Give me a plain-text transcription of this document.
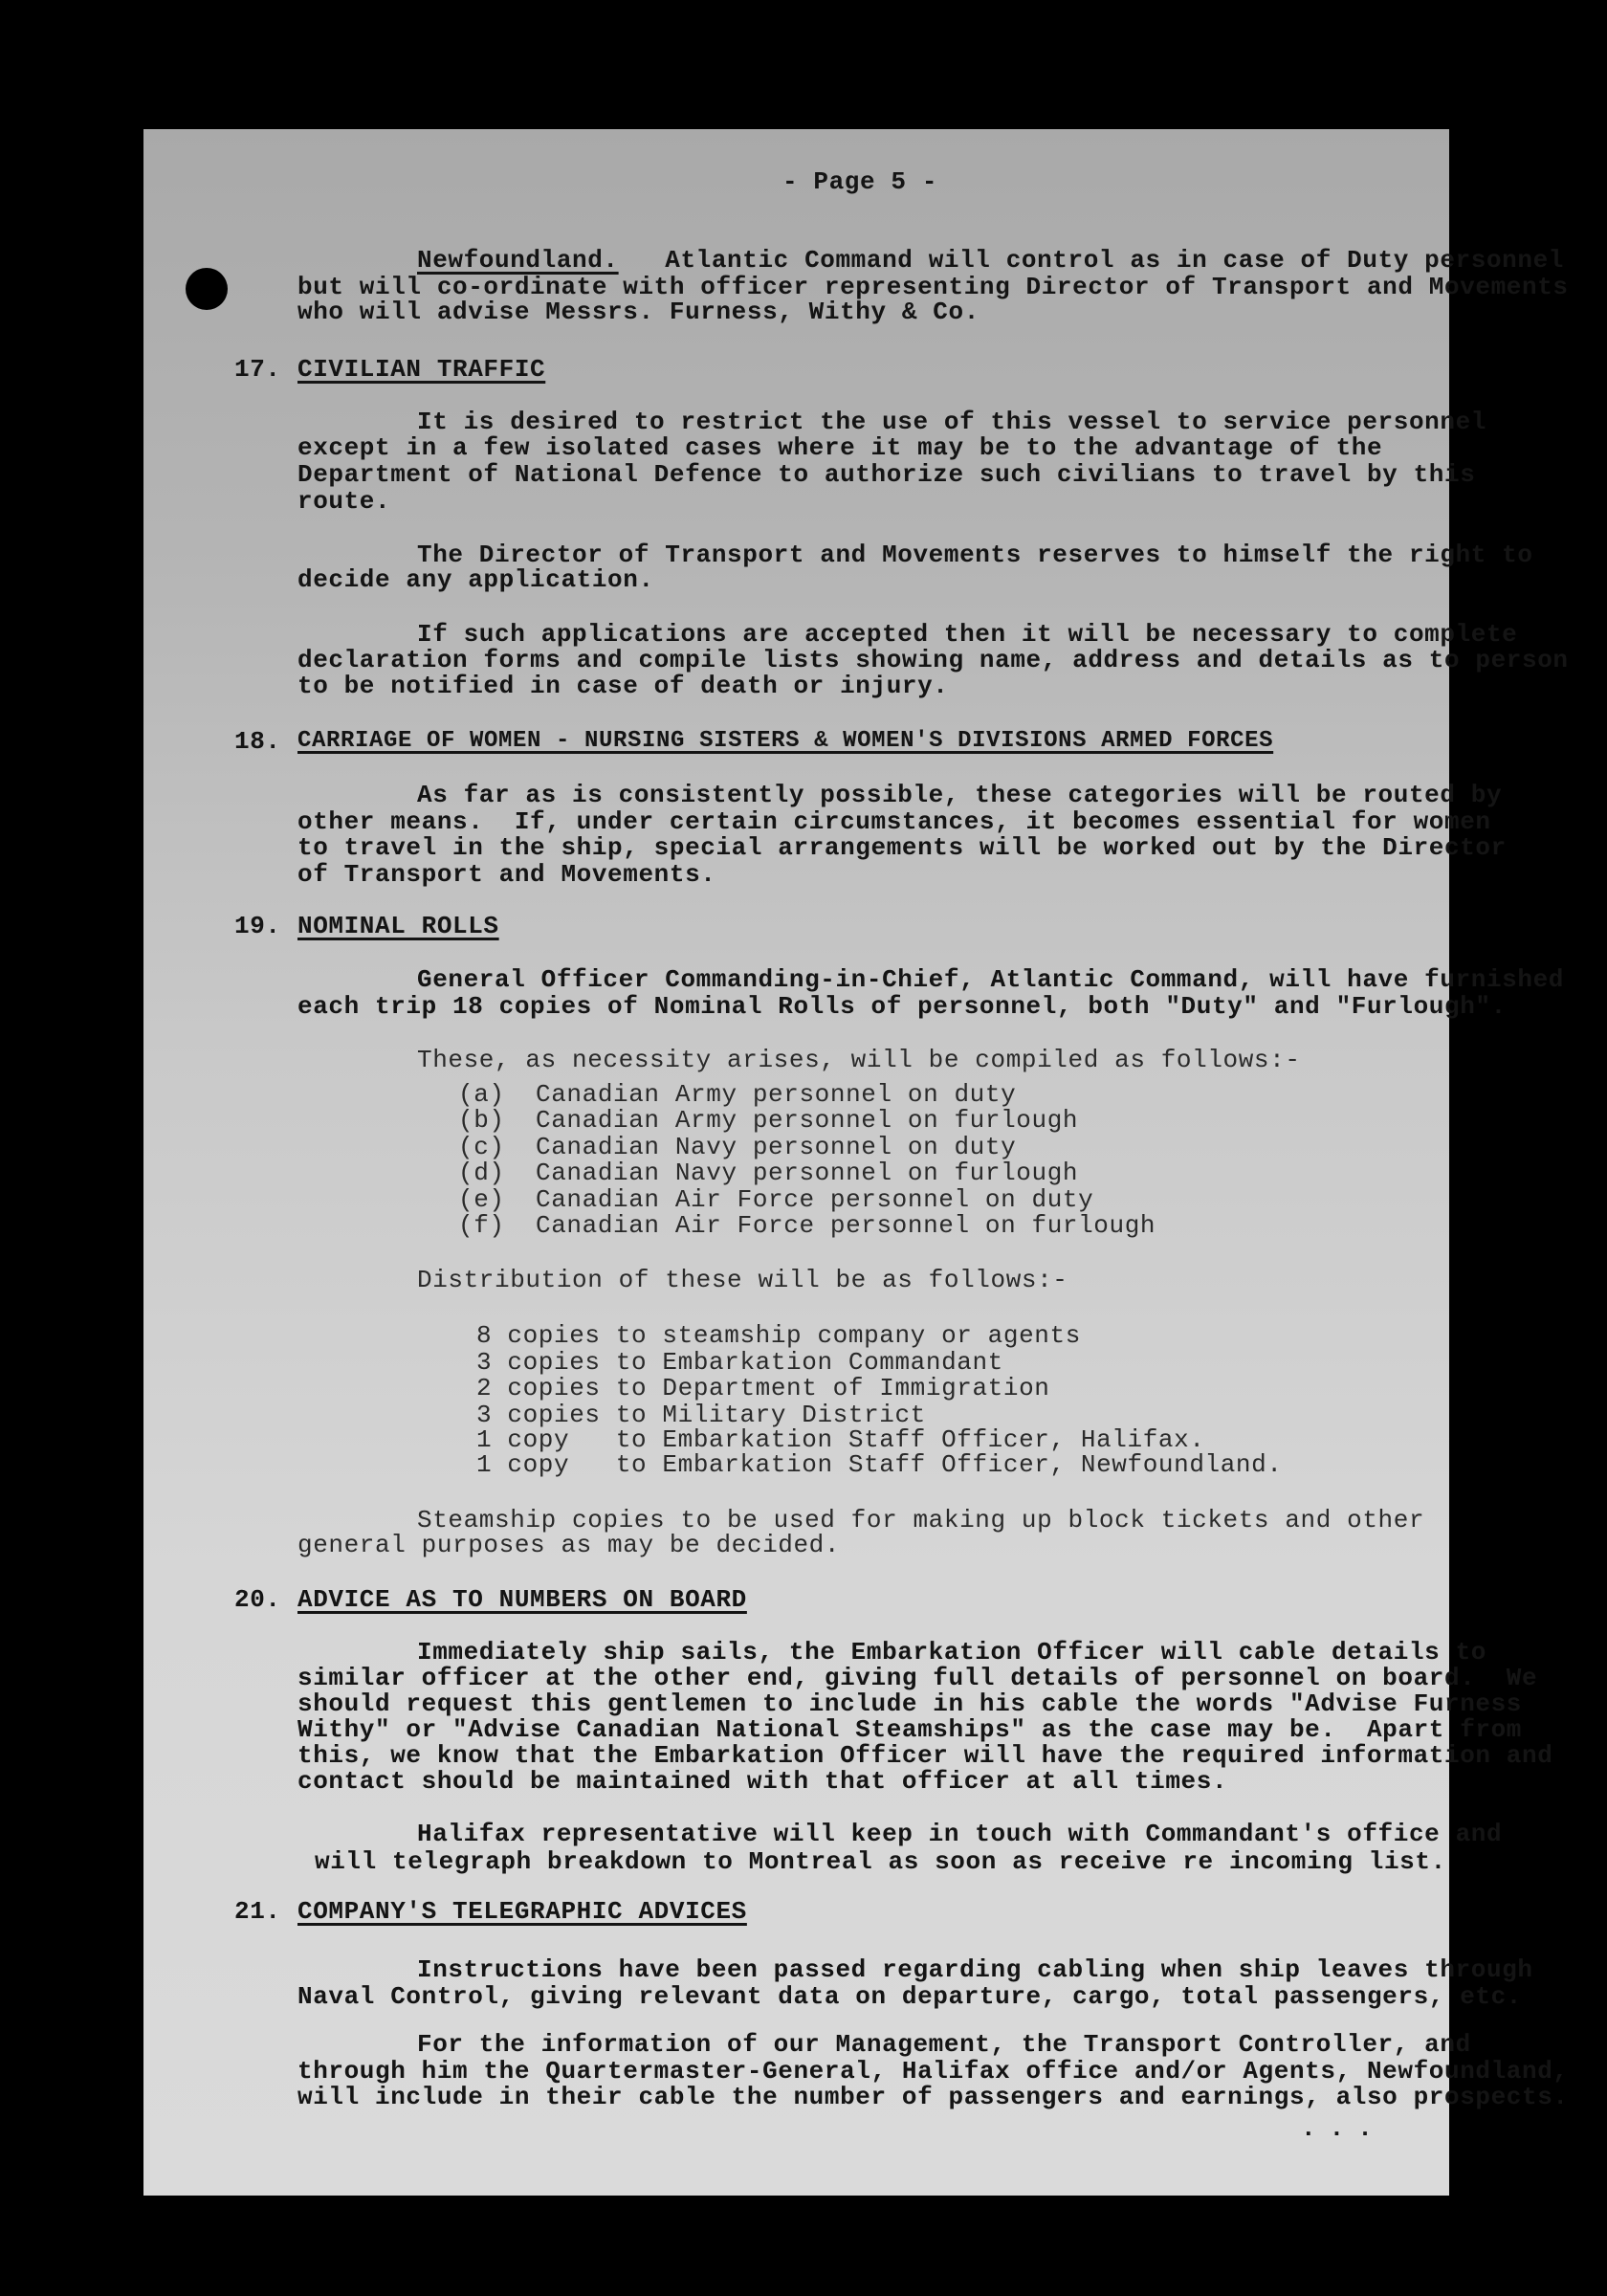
- Page 5 -
Newfoundland.   Atlantic Command will control as in case of Duty personnel
but will co-ordinate with officer representing Director of Transport and Movements
who will advise Messrs. Furness, Withy & Co.
17. CIVILIAN TRAFFIC
It is desired to restrict the use of this vessel to service personnel
except in a few isolated cases where it may be to the advantage of the
Department of National Defence to authorize such civilians to travel by this
route.
The Director of Transport and Movements reserves to himself the right to
decide any application.
If such applications are accepted then it will be necessary to complete
declaration forms and compile lists showing name, address and details as to person
to be notified in case of death or injury.
18. CARRIAGE OF WOMEN - NURSING SISTERS & WOMEN'S DIVISIONS ARMED FORCES
As far as is consistently possible, these categories will be routed by
other means.  If, under certain circumstances, it becomes essential for women
to travel in the ship, special arrangements will be worked out by the Director
of Transport and Movements.
19. NOMINAL ROLLS
General Officer Commanding-in-Chief, Atlantic Command, will have furnished
each trip 18 copies of Nominal Rolls of personnel, both "Duty" and "Furlough".
These, as necessity arises, will be compiled as follows:-
(a) Canadian Army personnel on duty
(b) Canadian Army personnel on furlough
(c) Canadian Navy personnel on duty
(d) Canadian Navy personnel on furlough
(e) Canadian Air Force personnel on duty
(f) Canadian Air Force personnel on furlough
Distribution of these will be as follows:-
8 copies to steamship company or agents
3 copies to Embarkation Commandant
2 copies to Department of Immigration
3 copies to Military District
1 copy   to Embarkation Staff Officer, Halifax.
1 copy   to Embarkation Staff Officer, Newfoundland.
Steamship copies to be used for making up block tickets and other
general purposes as may be decided.
20. ADVICE AS TO NUMBERS ON BOARD
Immediately ship sails, the Embarkation Officer will cable details to
similar officer at the other end, giving full details of personnel on board.  We
should request this gentlemen to include in his cable the words "Advise Furness
Withy" or "Advise Canadian National Steamships" as the case may be.  Apart from
this, we know that the Embarkation Officer will have the required information and
contact should be maintained with that officer at all times.
Halifax representative will keep in touch with Commandant's office and
will telegraph breakdown to Montreal as soon as receive re incoming list.
21. COMPANY'S TELEGRAPHIC ADVICES
Instructions have been passed regarding cabling when ship leaves through
Naval Control, giving relevant data on departure, cargo, total passengers, etc.
For the information of our Management, the Transport Controller, and
through him the Quartermaster-General, Halifax office and/or Agents, Newfoundland,
will include in their cable the number of passengers and earnings, also prospects.
...
